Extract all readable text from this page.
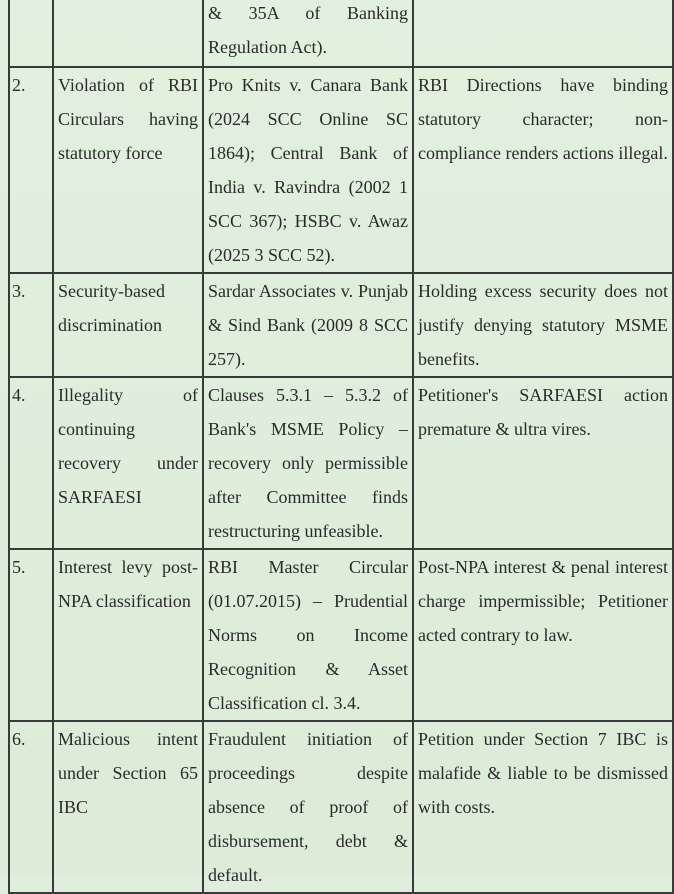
		& 35A of Banking Regulation Act).	

2.	Violation of RBI Circulars having statutory force	Pro Knits v. Canara Bank (2024 SCC Online SC 1864); Central Bank of India v. Ravindra (2002 1 SCC 367); HSBC v. Awaz (2025 3 SCC 52).	RBI Directions have binding statutory character; non-compliance renders actions illegal.

3.	Security-based discrimination	Sardar Associates v. Punjab & Sind Bank (2009 8 SCC 257).	Holding excess security does not justify denying statutory MSME benefits.

4.	Illegality of continuing recovery under SARFAESI	Clauses 5.3.1 – 5.3.2 of Bank's MSME Policy – recovery only permissible after Committee finds restructuring unfeasible.	Petitioner's SARFAESI action premature & ultra vires.

5.	Interest levy post-NPA classification	RBI Master Circular (01.07.2015) – Prudential Norms on Income Recognition & Asset Classification cl. 3.4.	Post-NPA interest & penal interest charge impermissible; Petitioner acted contrary to law.

6.	Malicious intent under Section 65 IBC	Fraudulent initiation of proceedings despite absence of proof of disbursement, debt & default.	Petition under Section 7 IBC is malafide & liable to be dismissed with costs.
